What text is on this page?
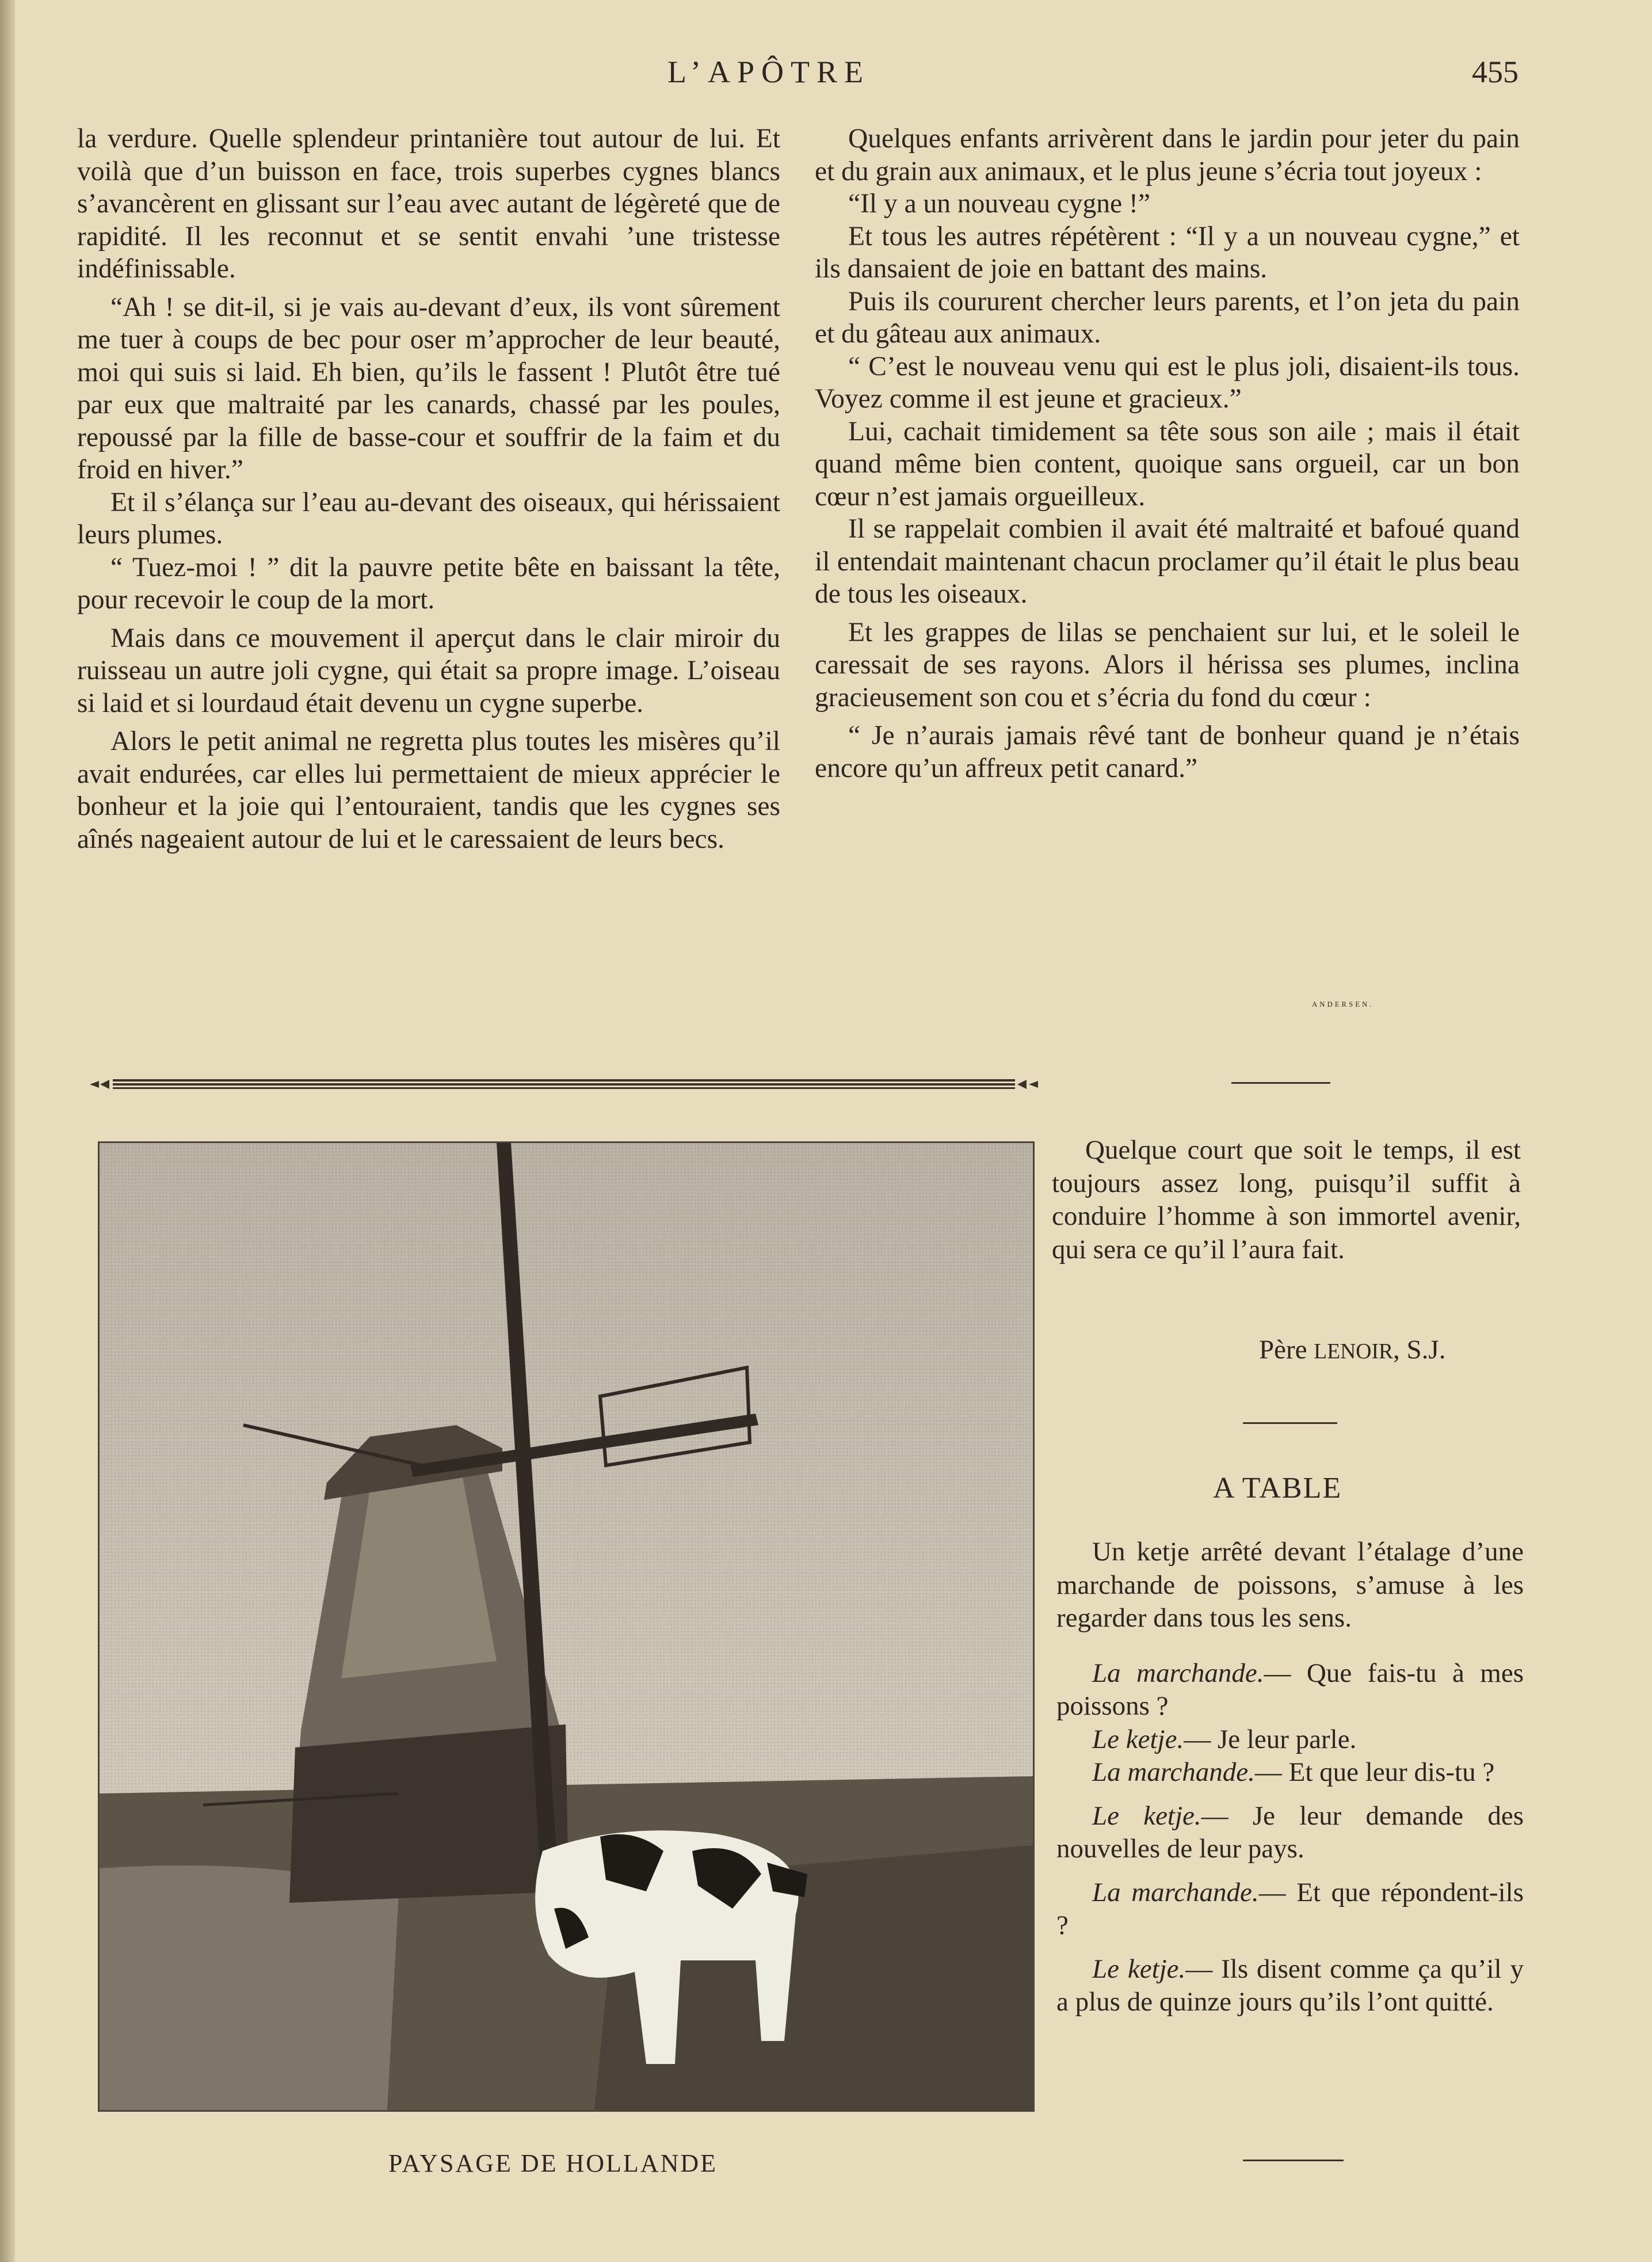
L’APÔTRE	455

la verdure. Quelle splendeur printanière tout autour de lui. Et voilà que d’un buisson en face, trois superbes cygnes blancs s’avancèrent en glissant sur l’eau avec autant de légèreté que de rapidité. Il les reconnut et se sentit envahi ’une tristesse indéfinissable.

“Ah ! se dit-il, si je vais au-devant d’eux, ils vont sûrement me tuer à coups de bec pour oser m’approcher de leur beauté, moi qui suis si laid. Eh bien, qu’ils le fassent ! Plutôt être tué par eux que maltraité par les canards, chassé par les poules, repoussé par la fille de basse-cour et souffrir de la faim et du froid en hiver.”

Et il s’élança sur l’eau au-devant des oiseaux, qui hérissaient leurs plumes.

“ Tuez-moi ! ” dit la pauvre petite bête en baissant la tête, pour recevoir le coup de la mort.

Mais dans ce mouvement il aperçut dans le clair miroir du ruisseau un autre joli cygne, qui était sa propre image. L’oiseau si laid et si lourdaud était devenu un cygne superbe.

Alors le petit animal ne regretta plus toutes les misères qu’il avait endurées, car elles lui permettaient de mieux apprécier le bonheur et la joie qui l’entouraient, tandis que les cygnes ses aînés nageaient autour de lui et le caressaient de leurs becs.

Quelques enfants arrivèrent dans le jardin pour jeter du pain et du grain aux animaux, et le plus jeune s’écria tout joyeux :

“Il y a un nouveau cygne !”

Et tous les autres répétèrent : “Il y a un nouveau cygne,” et ils dansaient de joie en battant des mains.

Puis ils coururent chercher leurs parents, et l’on jeta du pain et du gâteau aux animaux.

“ C’est le nouveau venu qui est le plus joli, disaient-ils tous. Voyez comme il est jeune et gracieux.”

Lui, cachait timidement sa tête sous son aile ; mais il était quand même bien content, quoique sans orgueil, car un bon cœur n’est jamais orgueilleux.

Il se rappelait combien il avait été maltraité et bafoué quand il entendait maintenant chacun proclamer qu’il était le plus beau de tous les oiseaux.

Et les grappes de lilas se penchaient sur lui, et le soleil le caressait de ses rayons. Alors il hérissa ses plumes, inclina gracieusement son cou et s’écria du fond du cœur :

“ Je n’aurais jamais rêvé tant de bonheur quand je n’étais encore qu’un affreux petit canard.”

ANDERSEN.
PAYSAGE DE HOLLANDE

Quelque court que soit le temps, il est toujours assez long, puisqu’il suffit à conduire l’homme à son immortel avenir, qui sera ce qu’il l’aura fait.

Père LENOIR, S.J.
A TABLE

Un ketje arrêté devant l’étalage d’une marchande de poissons, s’amuse à les regarder dans tous les sens.

La marchande.— Que fais-tu à mes poissons ?

Le ketje.— Je leur parle.

La marchande.— Et que leur dis-tu ?

Le ketje.— Je leur demande des nouvelles de leur pays.

La marchande.— Et que répondent-ils ?

Le ketje.— Ils disent comme ça qu’il y a plus de quinze jours qu’ils l’ont quitté.
